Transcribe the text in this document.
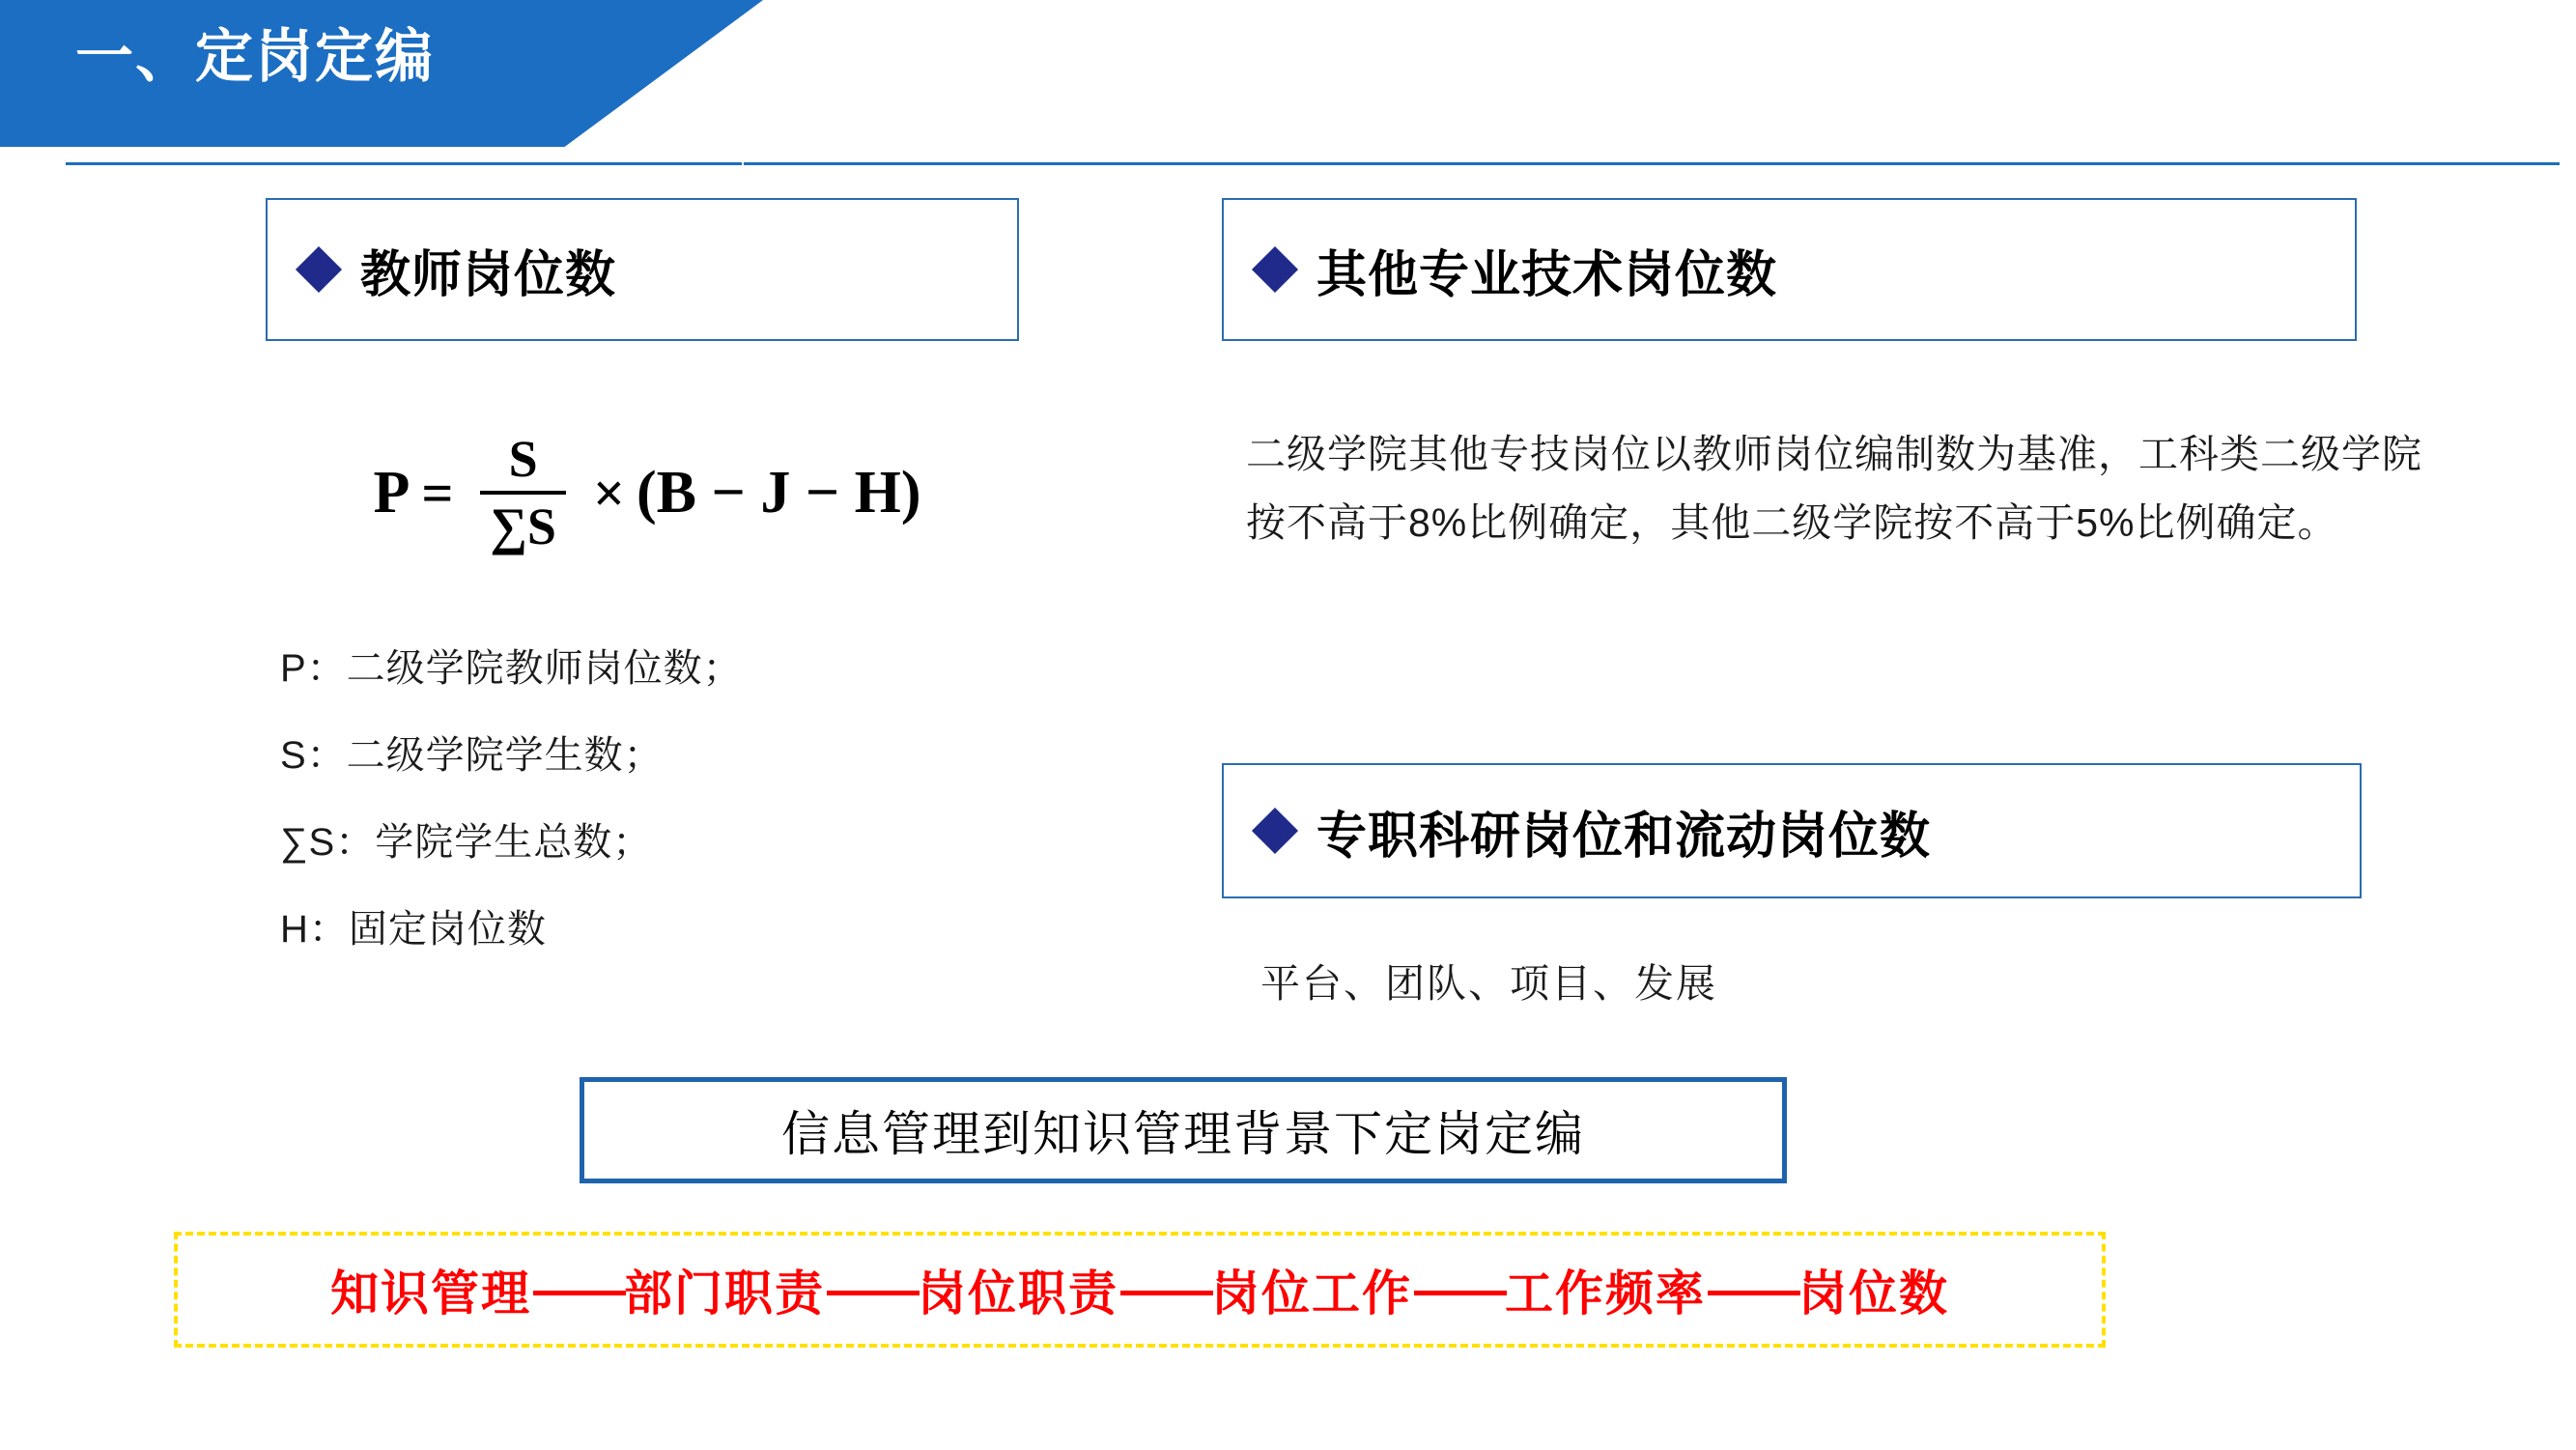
一、定岗定编
教师岗位数	其他专业技术岗位数
$P = \frac{S}{\sum S} \times (B - J - H)$
P：二级学院教师岗位数；
S：二级学院学生数；
∑S：学院学生总数；
H：固定岗位数
二级学院其他专技岗位以教师岗位编制数为基准，工科类二级学院按不高于8%比例确定，其他二级学院按不高于5%比例确定。
专职科研岗位和流动岗位数
平台、团队、项目、发展
信息管理到知识管理背景下定岗定编
知识管理 —— 部门职责 —— 岗位职责 —— 岗位工作 —— 工作频率 —— 岗位数
